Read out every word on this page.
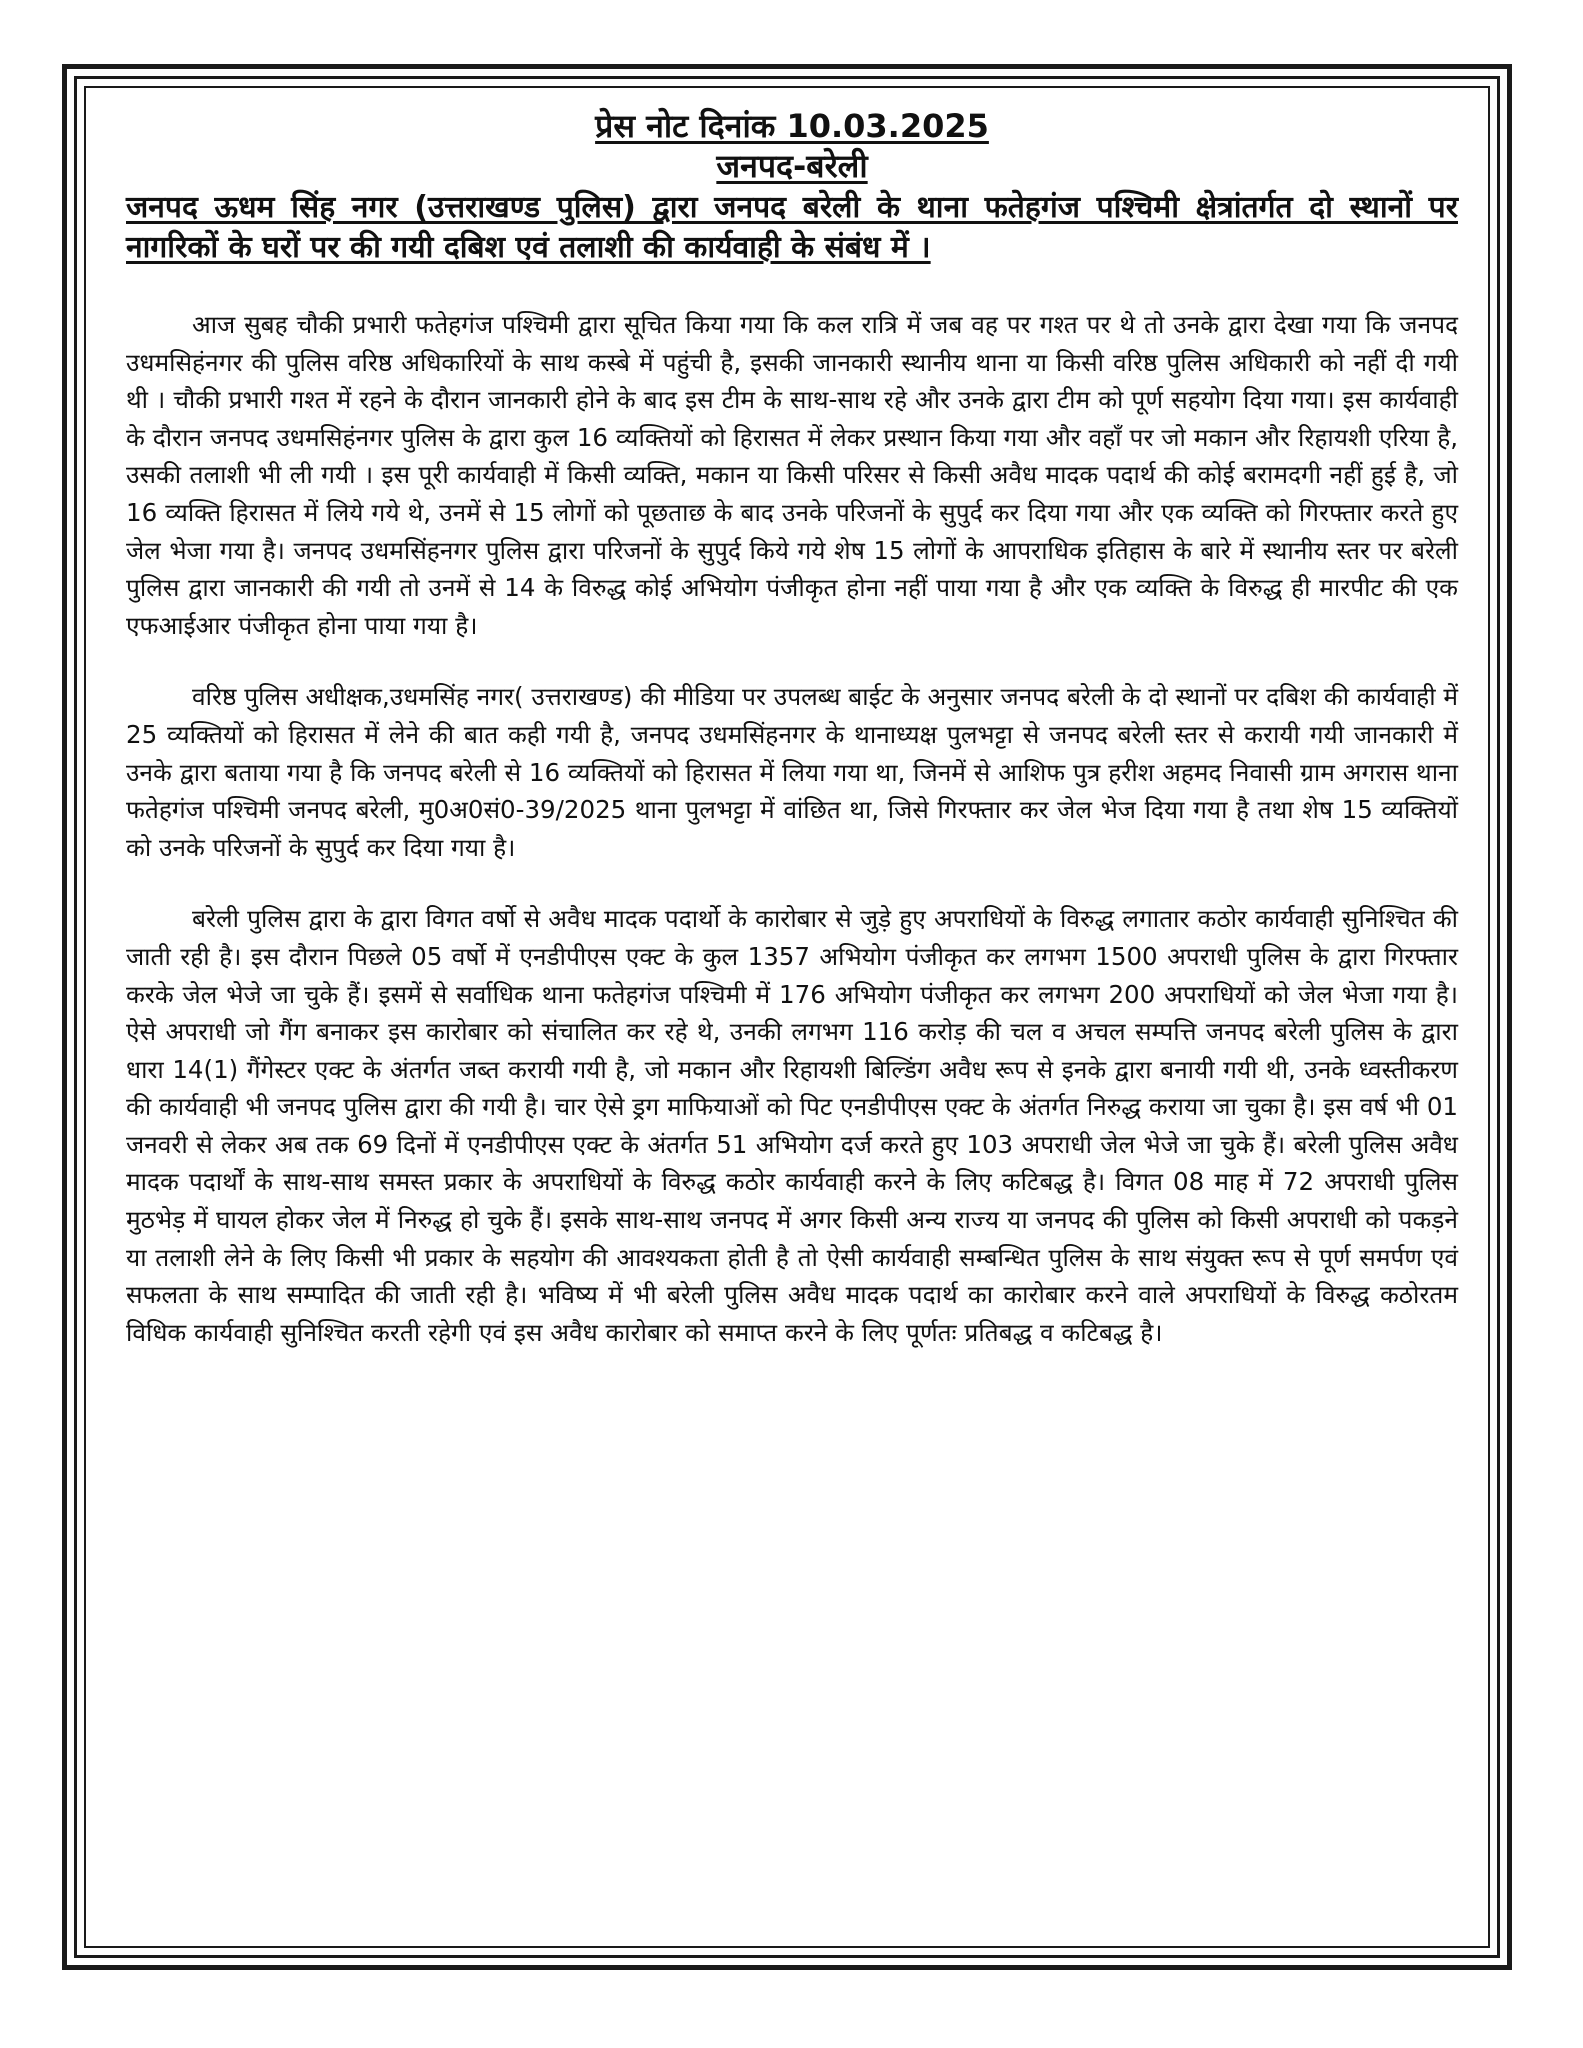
प्रेस नोट दिनांक 10.03.2025

जनपद-बरेली

जनपद ऊधम सिंह नगर (उत्तराखण्ड पुलिस) द्वारा जनपद बरेली के थाना फतेहगंज पश्चिमी क्षेत्रांतर्गत दो स्थानों पर नागरिकों के घरों पर की गयी दबिश एवं तलाशी की कार्यवाही के संबंध में ।

आज सुबह चौकी प्रभारी फतेहगंज पश्चिमी द्वारा सूचित किया गया कि कल रात्रि में जब वह पर गश्त पर थे तो उनके द्वारा देखा गया कि जनपद उधमसिहंनगर की पुलिस वरिष्ठ अधिकारियों के साथ कस्बे में पहुंची है, इसकी जानकारी स्थानीय थाना या किसी वरिष्ठ पुलिस अधिकारी को नहीं दी गयी थी । चौकी प्रभारी गश्त में रहने के दौरान जानकारी होने के बाद इस टीम के साथ-साथ रहे और उनके द्वारा टीम को पूर्ण सहयोग दिया गया। इस कार्यवाही के दौरान जनपद उधमसिहंनगर पुलिस के द्वारा कुल 16 व्यक्तियों को हिरासत में लेकर प्रस्थान किया गया और वहाँ पर जो मकान और रिहायशी एरिया है, उसकी तलाशी भी ली गयी । इस पूरी कार्यवाही में किसी व्यक्ति, मकान या किसी परिसर से किसी अवैध मादक पदार्थ की कोई बरामदगी नहीं हुई है, जो 16 व्यक्ति हिरासत में लिये गये थे, उनमें से 15 लोगों को पूछताछ के बाद उनके परिजनों के सुपुर्द कर दिया गया और एक व्यक्ति को गिरफ्तार करते हुए जेल भेजा गया है। जनपद उधमसिंहनगर पुलिस द्वारा परिजनों के सुपुर्द किये गये शेष 15 लोगों के आपराधिक इतिहास के बारे में स्थानीय स्तर पर बरेली पुलिस द्वारा जानकारी की गयी तो उनमें से 14 के विरुद्ध कोई अभियोग पंजीकृत होना नहीं पाया गया है और एक व्यक्ति के विरुद्ध ही मारपीट की एक एफआईआर पंजीकृत होना पाया गया है।

वरिष्ठ पुलिस अधीक्षक,उधमसिंह नगर( उत्तराखण्ड) की मीडिया पर उपलब्ध बाईट के अनुसार जनपद बरेली के दो स्थानों पर दबिश की कार्यवाही में 25 व्यक्तियों को हिरासत में लेने की बात कही गयी है, जनपद उधमसिंहनगर के थानाध्यक्ष पुलभट्टा से जनपद बरेली स्तर से करायी गयी जानकारी में उनके द्वारा बताया गया है कि जनपद बरेली से 16 व्यक्तियों को हिरासत में लिया गया था, जिनमें से आशिफ पुत्र हरीश अहमद निवासी ग्राम अगरास थाना फतेहगंज पश्चिमी जनपद बरेली, मु0अ0सं0-39/2025 थाना पुलभट्टा में वांछित था, जिसे गिरफ्तार कर जेल भेज दिया गया है तथा शेष 15 व्यक्तियों को उनके परिजनों के सुपुर्द कर दिया गया है।

बरेली पुलिस द्वारा के द्वारा विगत वर्षो से अवैध मादक पदार्थो के कारोबार से जुड़े हुए अपराधियों के विरुद्ध लगातार कठोर कार्यवाही सुनिश्चित की जाती रही है। इस दौरान पिछले 05 वर्षो में एनडीपीएस एक्ट के कुल 1357 अभियोग पंजीकृत कर लगभग 1500 अपराधी पुलिस के द्वारा गिरफ्तार करके जेल भेजे जा चुके हैं। इसमें से सर्वाधिक थाना फतेहगंज पश्चिमी में 176 अभियोग पंजीकृत कर लगभग 200 अपराधियों को जेल भेजा गया है। ऐसे अपराधी जो गैंग बनाकर इस कारोबार को संचालित कर रहे थे, उनकी लगभग 116 करोड़ की चल व अचल सम्पत्ति जनपद बरेली पुलिस के द्वारा धारा 14(1) गैंगेस्टर एक्ट के अंतर्गत जब्त करायी गयी है, जो मकान और रिहायशी बिल्डिंग अवैध रूप से इनके द्वारा बनायी गयी थी, उनके ध्वस्तीकरण की कार्यवाही भी जनपद पुलिस द्वारा की गयी है। चार ऐसे ड्रग माफियाओं को पिट एनडीपीएस एक्ट के अंतर्गत निरुद्ध कराया जा चुका है। इस वर्ष भी 01 जनवरी से लेकर अब तक 69 दिनों में एनडीपीएस एक्ट के अंतर्गत 51 अभियोग दर्ज करते हुए 103 अपराधी जेल भेजे जा चुके हैं। बरेली पुलिस अवैध मादक पदार्थों के साथ-साथ समस्त प्रकार के अपराधियों के विरुद्ध कठोर कार्यवाही करने के लिए कटिबद्ध है। विगत 08 माह में 72 अपराधी पुलिस मुठभेड़ में घायल होकर जेल में निरुद्ध हो चुके हैं। इसके साथ-साथ जनपद में अगर किसी अन्य राज्य या जनपद की पुलिस को किसी अपराधी को पकड़ने या तलाशी लेने के लिए किसी भी प्रकार के सहयोग की आवश्यकता होती है तो ऐसी कार्यवाही सम्बन्धित पुलिस के साथ संयुक्त रूप से पूर्ण समर्पण एवं सफलता के साथ सम्पादित की जाती रही है। भविष्य में भी बरेली पुलिस अवैध मादक पदार्थ का कारोबार करने वाले अपराधियों के विरुद्ध कठोरतम विधिक कार्यवाही सुनिश्चित करती रहेगी एवं इस अवैध कारोबार को समाप्त करने के लिए पूर्णतः प्रतिबद्ध व कटिबद्ध है।
